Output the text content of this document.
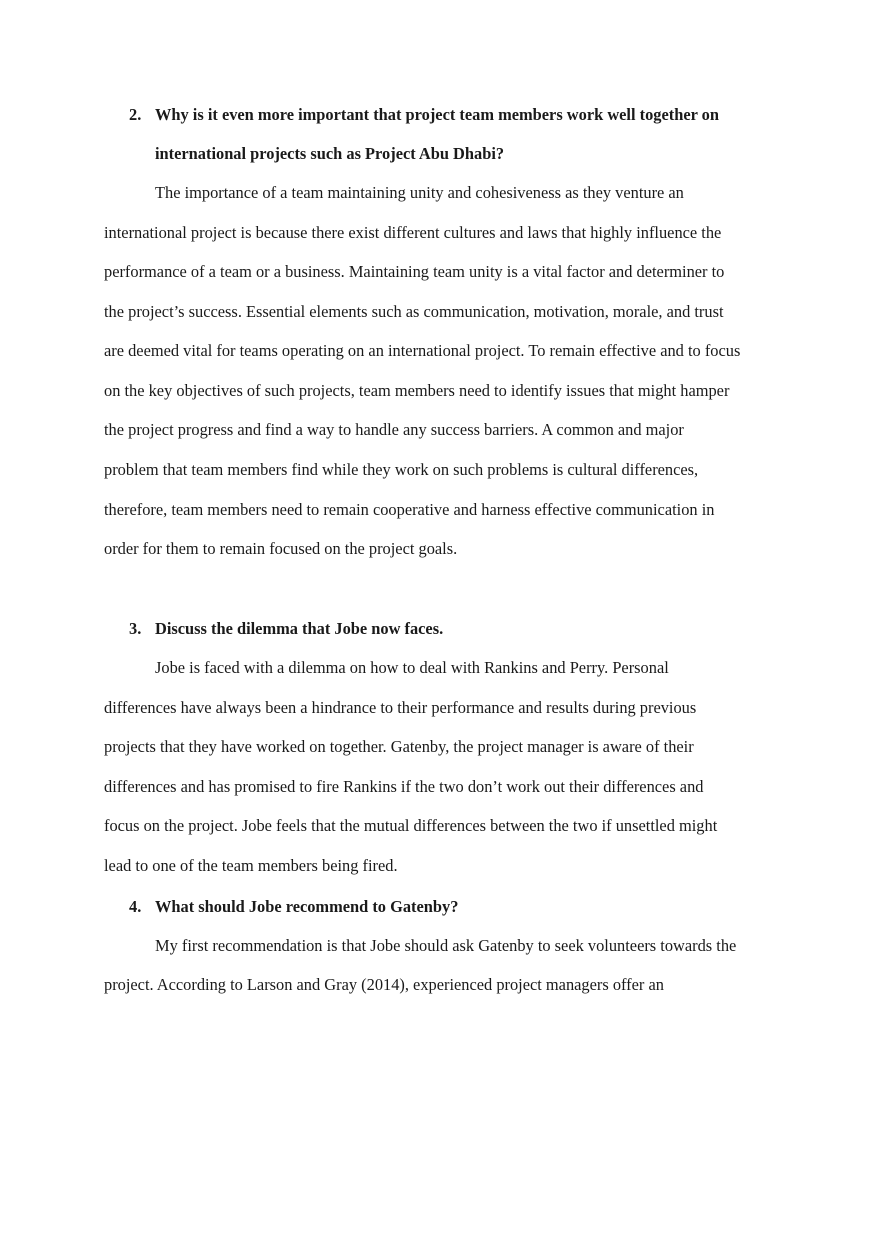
2. Why is it even more important that project team members work well together on
international projects such as Project Abu Dhabi?
The importance of a team maintaining unity and cohesiveness as they venture an
international project is because there exist different cultures and laws that highly influence the
performance of a team or a business. Maintaining team unity is a vital factor and determiner to
the project’s success. Essential elements such as communication, motivation, morale, and trust
are deemed vital for teams operating on an international project. To remain effective and to focus
on the key objectives of such projects, team members need to identify issues that might hamper
the project progress and find a way to handle any success barriers. A common and major
problem that team members find while they work on such problems is cultural differences,
therefore, team members need to remain cooperative and harness effective communication in
order for them to remain focused on the project goals.
3. Discuss the dilemma that Jobe now faces.
Jobe is faced with a dilemma on how to deal with Rankins and Perry. Personal
differences have always been a hindrance to their performance and results during previous
projects that they have worked on together. Gatenby, the project manager is aware of their
differences and has promised to fire Rankins if the two don’t work out their differences and
focus on the project. Jobe feels that the mutual differences between the two if unsettled might
lead to one of the team members being fired.
4. What should Jobe recommend to Gatenby?
My first recommendation is that Jobe should ask Gatenby to seek volunteers towards the
project. According to Larson and Gray (2014), experienced project managers offer an
